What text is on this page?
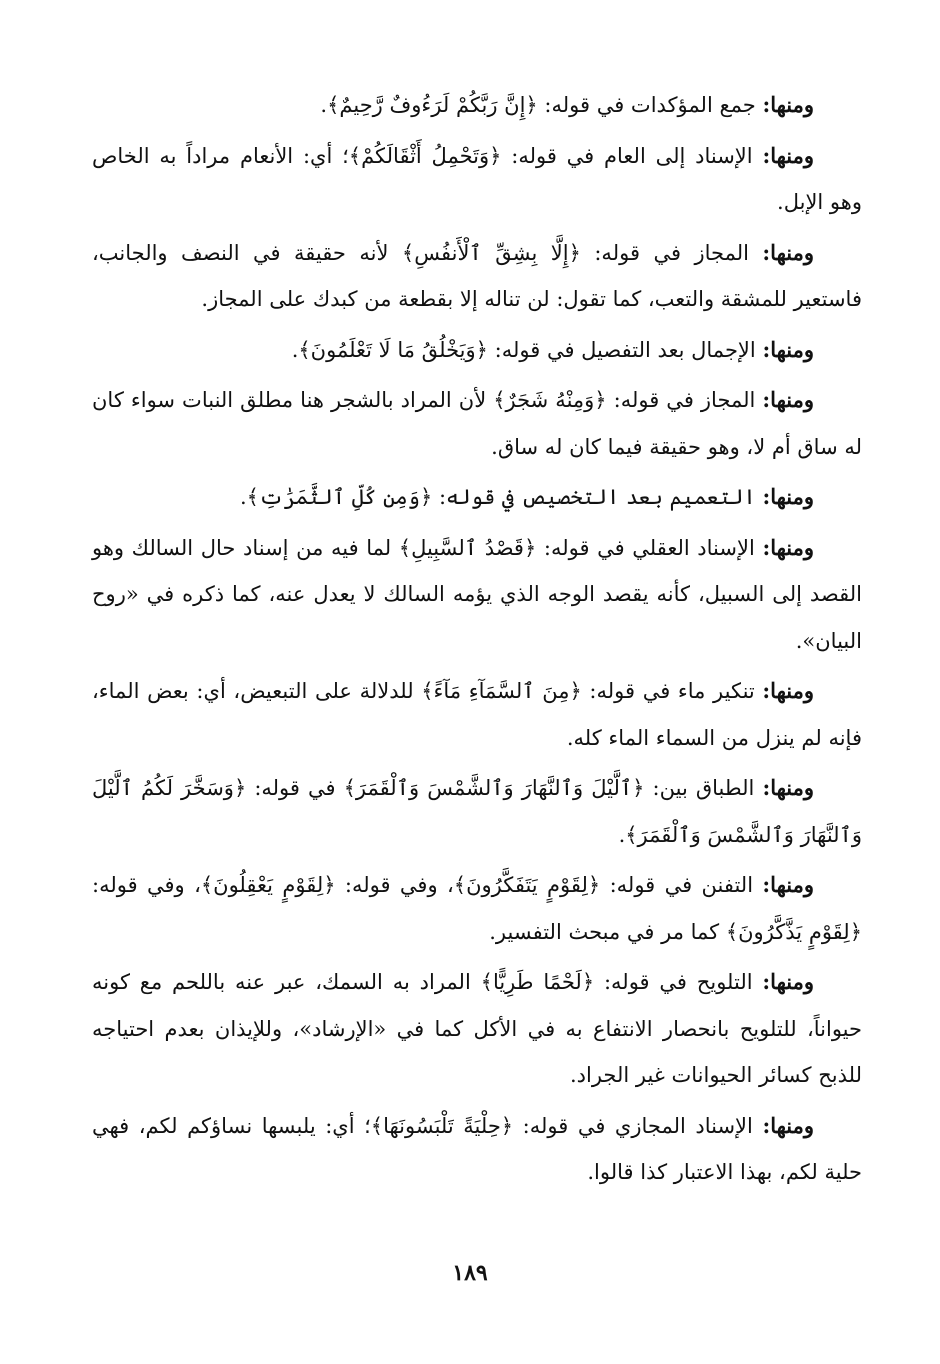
ومنها: جمع المؤكدات في قوله: ﴿إِنَّ رَبَّكُمْ لَرَءُوفٌ رَّحِيمٌ﴾.

ومنها: الإسناد إلى العام في قوله: ﴿وَتَحْمِلُ أَثْقَالَكُمْ﴾؛ أي: الأنعام مراداً به الخاص وهو الإبل.

ومنها: المجاز في قوله: ﴿إِلَّا بِشِقِّ ٱلْأَنفُسِ﴾ لأنه حقيقة في النصف والجانب، فاستعير للمشقة والتعب، كما تقول: لن تناله إلا بقطعة من كبدك على المجاز.

ومنها: الإجمال بعد التفصيل في قوله: ﴿وَيَخْلُقُ مَا لَا تَعْلَمُونَ﴾.

ومنها: المجاز في قوله: ﴿وَمِنْهُ شَجَرٌ﴾ لأن المراد بالشجر هنا مطلق النبات سواء كان له ساق أم لا، وهو حقيقة فيما كان له ساق.

ومنها: التعميم بعد التخصيص في قوله: ﴿وَمِن كُلِّ ٱلثَّمَرَٰتِ﴾.

ومنها: الإسناد العقلي في قوله: ﴿قَصْدُ ٱلسَّبِيلِ﴾ لما فيه من إسناد حال السالك وهو القصد إلى السبيل، كأنه يقصد الوجه الذي يؤمه السالك لا يعدل عنه، كما ذكره في «روح البيان».

ومنها: تنكير ماء في قوله: ﴿مِنَ ٱلسَّمَآءِ مَآءً﴾ للدلالة على التبعيض، أي: بعض الماء، فإنه لم ينزل من السماء الماء كله.

ومنها: الطباق بين: ﴿ٱلَّيْلَ وَٱلنَّهَارَ وَٱلشَّمْسَ وَٱلْقَمَرَ﴾ في قوله: ﴿وَسَخَّرَ لَكُمُ ٱلَّيْلَ وَٱلنَّهَارَ وَٱلشَّمْسَ وَٱلْقَمَرَ﴾.

ومنها: التفنن في قوله: ﴿لِقَوْمٍ يَتَفَكَّرُونَ﴾، وفي قوله: ﴿لِقَوْمٍ يَعْقِلُونَ﴾، وفي قوله: ﴿لِقَوْمٍ يَذَّكَّرُونَ﴾ كما مر في مبحث التفسير.

ومنها: التلويح في قوله: ﴿لَحْمًا طَرِيًّا﴾ المراد به السمك، عبر عنه باللحم مع كونه حيواناً، للتلويح بانحصار الانتفاع به في الأكل كما في «الإرشاد»، وللإيذان بعدم احتياجه للذبح كسائر الحيوانات غير الجراد.

ومنها: الإسناد المجازي في قوله: ﴿حِلْيَةً تَلْبَسُونَهَا﴾؛ أي: يلبسها نساؤكم لكم، فهي حلية لكم، بهذا الاعتبار كذا قالوا.

١٨٩
